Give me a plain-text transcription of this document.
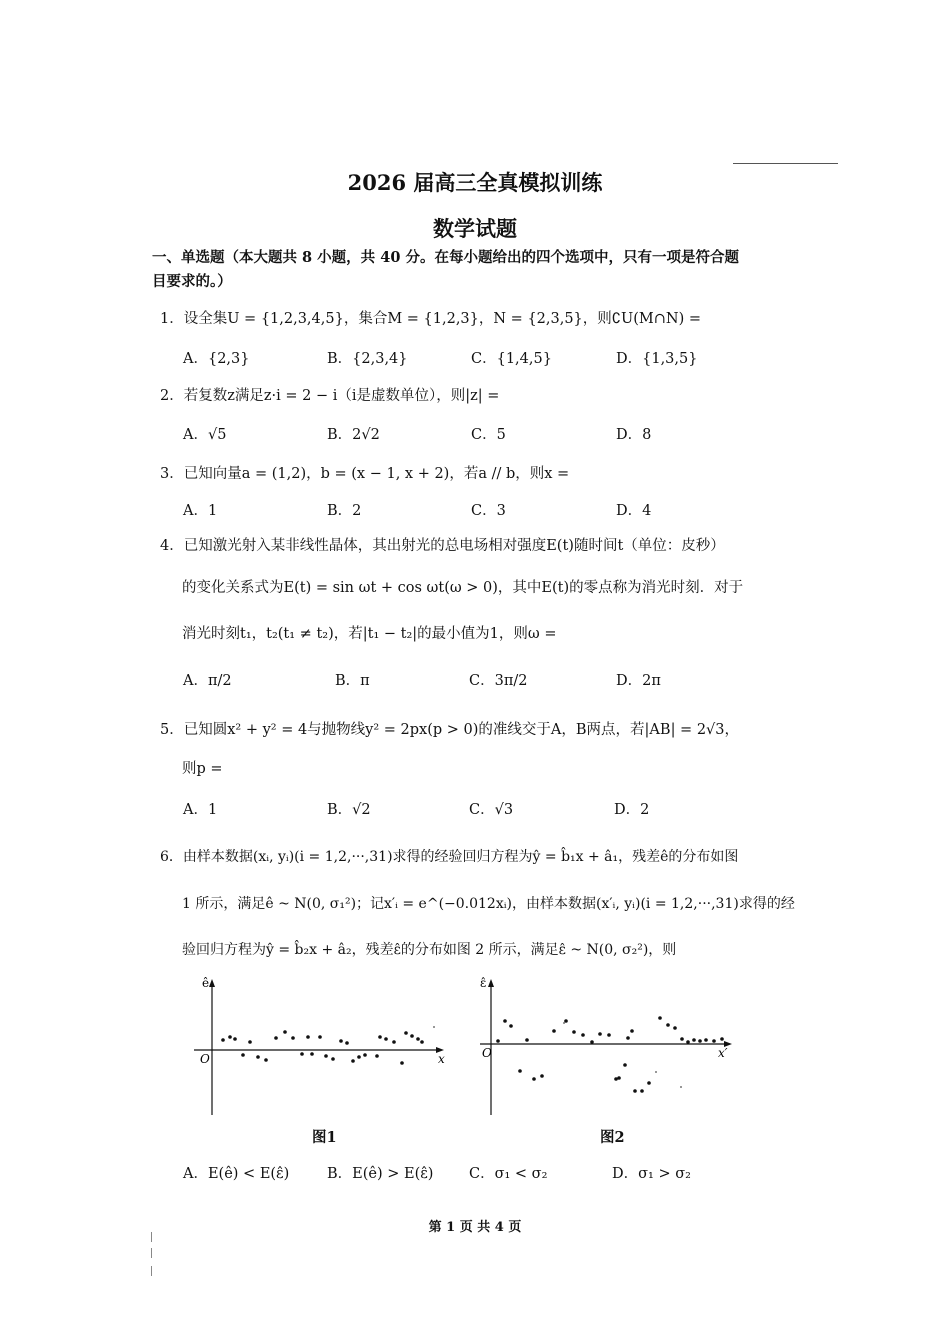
2026 届高三全真模拟训练
数学试题
一、单选题（本大题共 8 小题，共 40 分。在每小题给出的四个选项中，只有一项是符合题
目要求的。）
1．设全集U = {1,2,3,4,5}，集合M = {1,2,3}，N = {2,3,5}，则∁U(M∩N) =
A．{2,3}	B．{2,3,4}	C．{1,4,5}	D．{1,3,5}
2．若复数z满足z·i = 2 − i（i是虚数单位），则|z| =
A．√5	B．2√2	C．5	D．8
3．已知向量a = (1,2)，b = (x − 1, x + 2)，若a // b，则x =
A．1	B．2	C．3	D．4
4．已知激光射入某非线性晶体，其出射光的总电场相对强度E(t)随时间t（单位：皮秒）
的变化关系式为E(t) = sin ωt + cos ωt(ω > 0)，其中E(t)的零点称为消光时刻．对于
消光时刻t₁，t₂(t₁ ≠ t₂)，若|t₁ − t₂|的最小值为1，则ω =
A．π/2	B．π	C．3π/2	D．2π
5．已知圆x² + y² = 4与抛物线y² = 2px(p > 0)的准线交于A，B两点，若|AB| = 2√3，
则p =
A．1	B．√2	C．√3	D．2
6．由样本数据(xᵢ, yᵢ)(i = 1,2,···,31)求得的经验回归方程为ŷ = b̂₁x + â₁，残差ê的分布如图
1 所示，满足ê ~ N(0, σ₁²)；记x′ᵢ = e^(−0.012xᵢ)，由样本数据(x′ᵢ, yᵢ)(i = 1,2,···,31)求得的经
验回归方程为ŷ = b̂₂x + â₂，残差ε̂的分布如图 2 所示，满足ε̂ ~ N(0, σ₂²)，则
ê
x
O
图1
ε̂
x′
O
图2
A．E(ê) < E(ε̂)	B．E(ê) > E(ε̂) C．σ₁ < σ₂	D．σ₁ > σ₂
第 1 页 共 4 页
